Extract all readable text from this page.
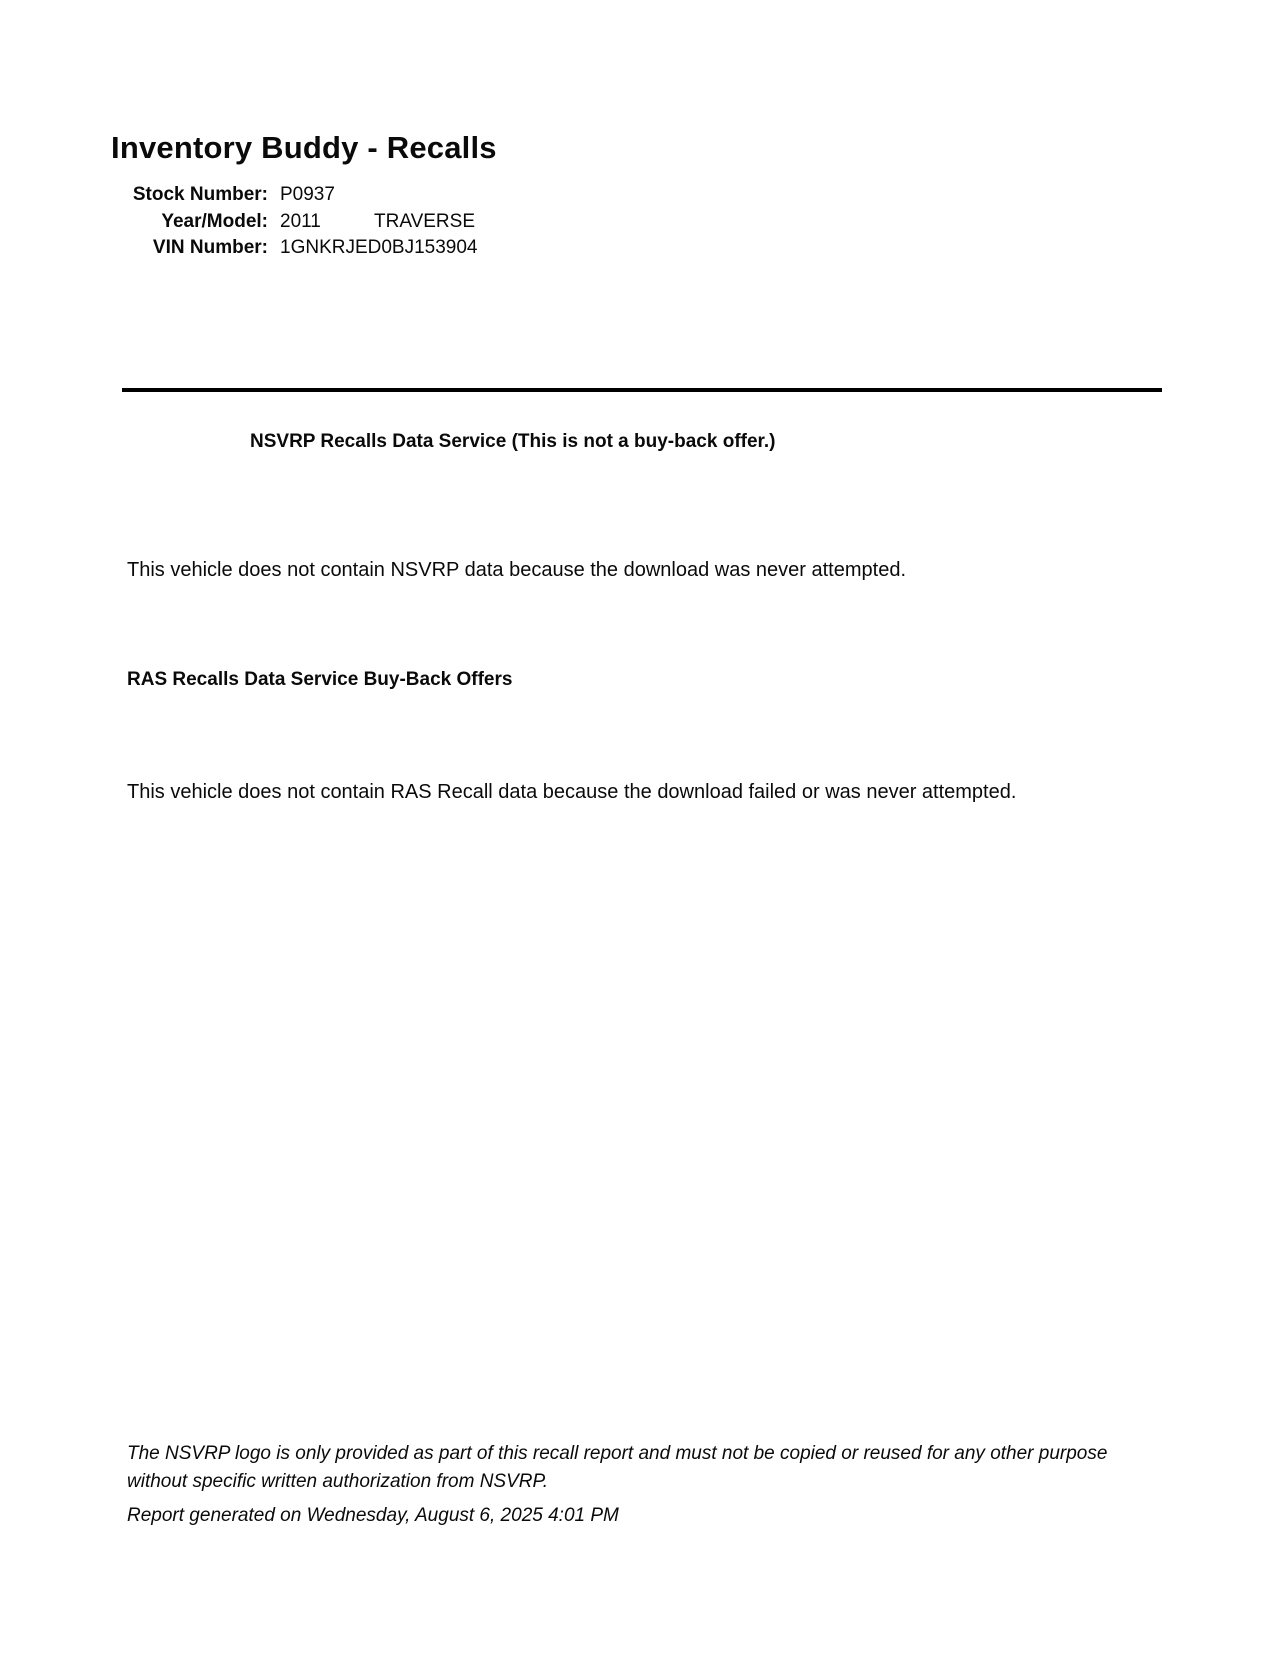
Inventory Buddy - Recalls
Stock Number: P0937
Year/Model: 2011	TRAVERSE
VIN Number: 1GNKRJED0BJ153904
NSVRP Recalls Data Service (This is not a buy-back offer.)

This vehicle does not contain NSVRP data because the download was never attempted.

RAS Recalls Data Service Buy-Back Offers

This vehicle does not contain RAS Recall data because the download failed or was never attempted.

The NSVRP logo is only provided as part of this recall report and must not be copied or reused for any other purpose without specific written authorization from NSVRP.

Report generated on Wednesday, August 6, 2025 4:01 PM
